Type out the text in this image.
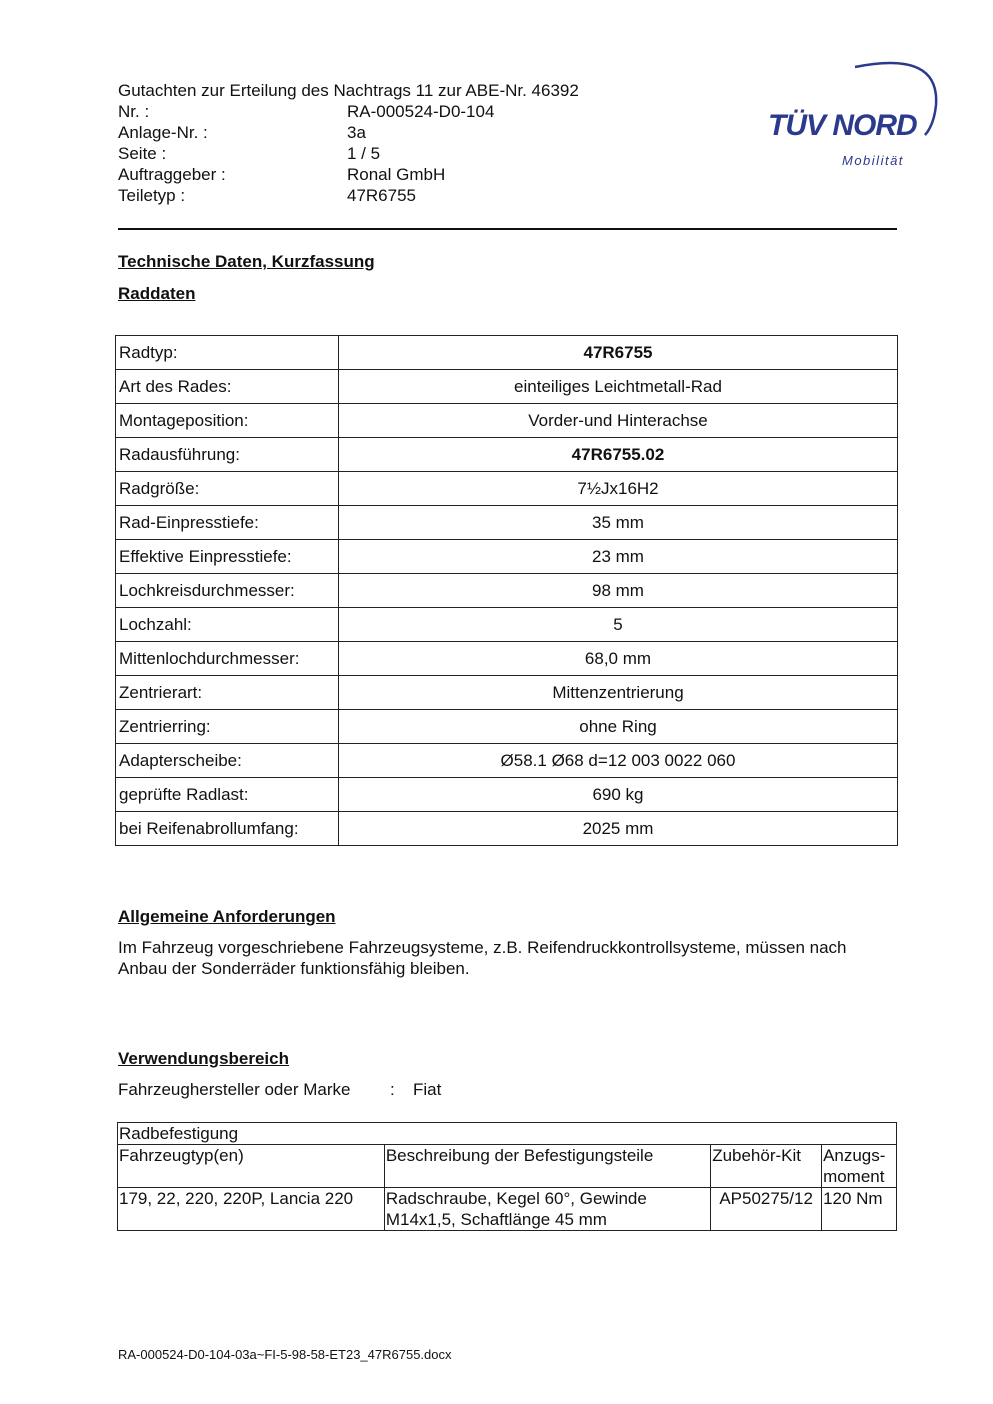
Gutachten zur Erteilung des Nachtrags 11 zur ABE-Nr. 46392
Nr. :	RA-000524-D0-104
Anlage-Nr. :	3a
Seite :	1 / 5
Auftraggeber :	Ronal GmbH
Teiletyp :	47R6755
TÜV NORD
Mobilität
Technische Daten, Kurzfassung
Raddaten
Radtyp:	47R6755
Art des Rades:	einteiliges Leichtmetall-Rad
Montageposition:	Vorder-und Hinterachse
Radausführung:	47R6755.02
Radgröße:	7½Jx16H2
Rad-Einpresstiefe:	35 mm
Effektive Einpresstiefe:	23 mm
Lochkreisdurchmesser:	98 mm
Lochzahl:	5
Mittenlochdurchmesser:	68,0 mm
Zentrierart:	Mittenzentrierung
Zentrierring:	ohne Ring
Adapterscheibe:	Ø58.1 Ø68 d=12 003 0022 060
geprüfte Radlast:	690 kg
bei Reifenabrollumfang:	2025 mm
Allgemeine Anforderungen
Im Fahrzeug vorgeschriebene Fahrzeugsysteme, z.B. Reifendruckkontrollsysteme, müssen nach Anbau der Sonderräder funktionsfähig bleiben.
Verwendungsbereich
Fahrzeughersteller oder Marke : Fiat
Radbefestigung			
Fahrzeugtyp(en)	Beschreibung der Befestigungsteile	Zubehör-Kit	Anzugs-moment
179, 22, 220, 220P, Lancia 220	Radschraube, Kegel 60°, Gewinde M14x1,5, Schaftlänge 45 mm	AP50275/12	120 Nm
RA-000524-D0-104-03a~FI-5-98-58-ET23_47R6755.docx
